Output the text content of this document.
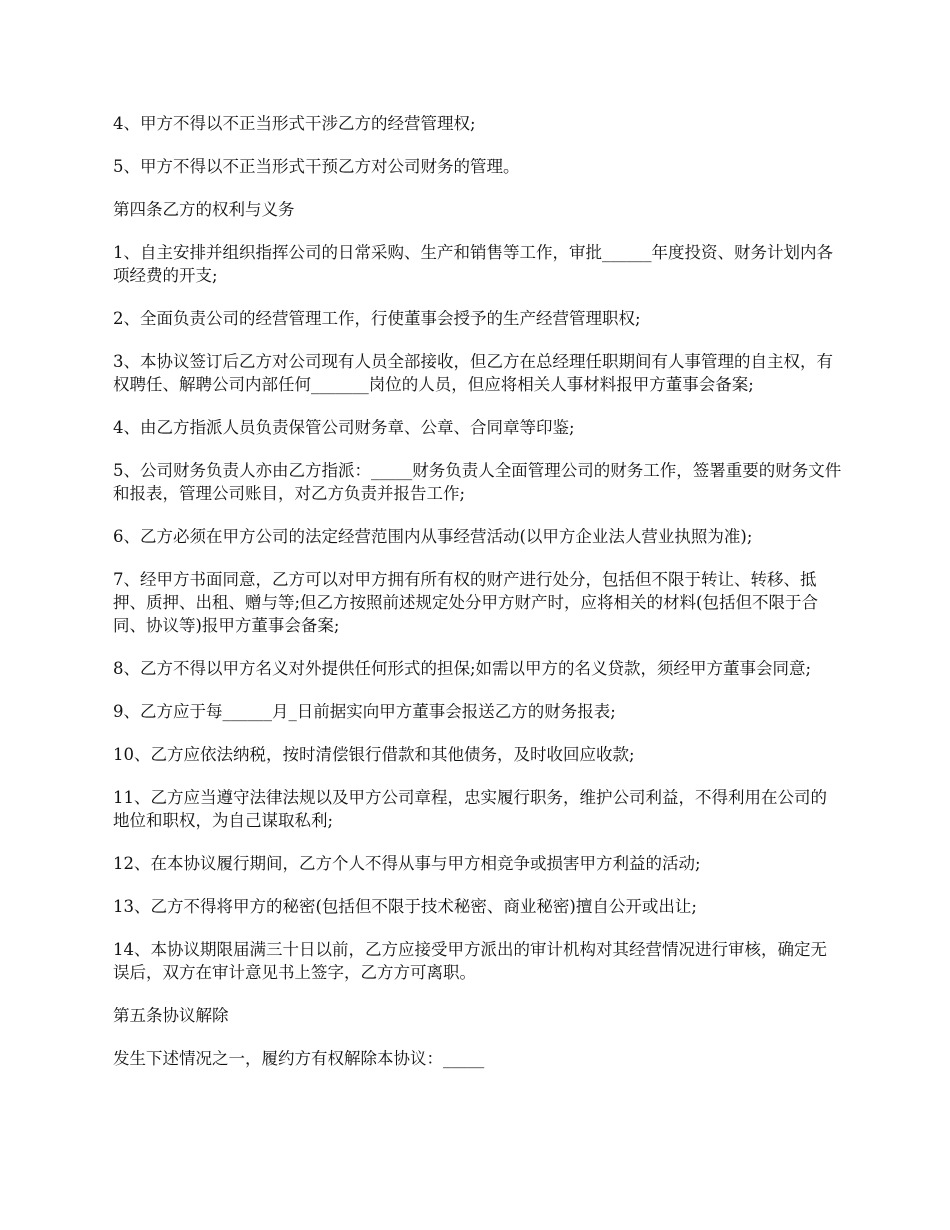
4、甲方不得以不正当形式干涉乙方的经营管理权;

5、甲方不得以不正当形式干预乙方对公司财务的管理。

第四条乙方的权利与义务

1、自主安排并组织指挥公司的日常采购、生产和销售等工作，审批______年度投资、财务计划内各项经费的开支;

2、全面负责公司的经营管理工作，行使董事会授予的生产经营管理职权;

3、本协议签订后乙方对公司现有人员全部接收，但乙方在总经理任职期间有人事管理的自主权，有权聘任、解聘公司内部任何_______岗位的人员，但应将相关人事材料报甲方董事会备案;

4、由乙方指派人员负责保管公司财务章、公章、合同章等印鉴;

5、公司财务负责人亦由乙方指派：_____财务负责人全面管理公司的财务工作，签署重要的财务文件和报表，管理公司账目，对乙方负责并报告工作;

6、乙方必须在甲方公司的法定经营范围内从事经营活动(以甲方企业法人营业执照为准);

7、经甲方书面同意，乙方可以对甲方拥有所有权的财产进行处分，包括但不限于转让、转移、抵押、质押、出租、赠与等;但乙方按照前述规定处分甲方财产时，应将相关的材料(包括但不限于合同、协议等)报甲方董事会备案;

8、乙方不得以甲方名义对外提供任何形式的担保;如需以甲方的名义贷款，须经甲方董事会同意;

9、乙方应于每______月_日前据实向甲方董事会报送乙方的财务报表;

10、乙方应依法纳税，按时清偿银行借款和其他债务，及时收回应收款;

11、乙方应当遵守法律法规以及甲方公司章程，忠实履行职务，维护公司利益，不得利用在公司的地位和职权，为自己谋取私利;

12、在本协议履行期间，乙方个人不得从事与甲方相竞争或损害甲方利益的活动;

13、乙方不得将甲方的秘密(包括但不限于技术秘密、商业秘密)擅自公开或出让;

14、本协议期限届满三十日以前，乙方应接受甲方派出的审计机构对其经营情况进行审核，确定无误后，双方在审计意见书上签字，乙方方可离职。

第五条协议解除

发生下述情况之一，履约方有权解除本协议：_____
